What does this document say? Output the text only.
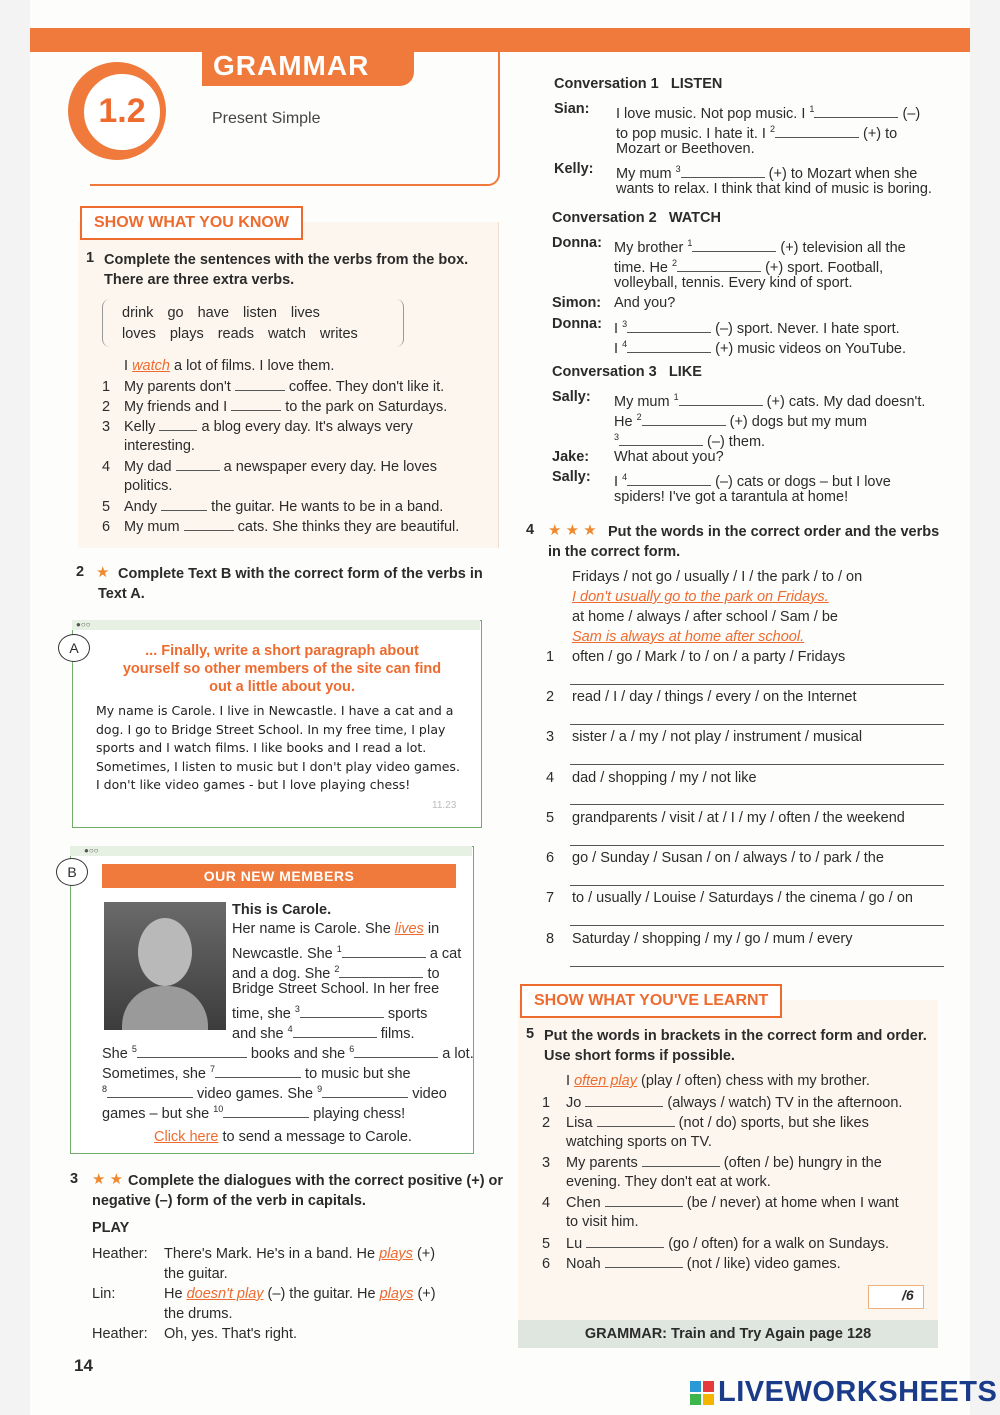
GRAMMAR
1.2	Present Simple
SHOW WHAT YOU KNOW
1 Complete the sentences with the verbs from the box. There are three extra verbs.
drink go have listen lives
loves plays reads watch writes
I watch a lot of films. I love them.
1 My parents don't	coffee. They don't like it.
2 My friends and I	to the park on Saturdays.
3 Kelly	a blog every day. It's always very
interesting.
4 My dad	a newspaper every day. He loves
politics.
5 Andy	the guitar. He wants to be in a band.
6 My mum	cats. She thinks they are beautiful.
2 ★ Complete Text B with the correct form of the verbs in Text A.
●○○
A	... Finally, write a short paragraph about yourself so other members of the site can find out a little about you.
My name is Carole. I live in Newcastle. I have a cat and a dog. I go to Bridge Street School. In my free time, I play sports and I watch films. I like books and I read a lot. Sometimes, I listen to music but I don't play video games. I don't like video games - but I love playing chess!
11.23
●○○
B	OUR NEW MEMBERS
This is Carole.
Her name is Carole. She lives in
Newcastle. She $^1$	a cat
and a dog. She $^2$	to
Bridge Street School. In her free
time, she $^3$	sports
and she $^4$	films.
She $^5$	books and she $^6$	a lot.
Sometimes, she $^7$	to music but she
$^8$	video games. She $^9$	video
games – but she $^{10}$	playing chess!
Click here to send a message to Carole.
3 ★ ★ Complete the dialogues with the correct positive (+) or negative (–) form of the verb in capitals.
PLAY
Heather: There's Mark. He's in a band. He plays (+)
the guitar.
Lin:	He doesn't play (–) the guitar. He plays (+)
the drums.
Heather: Oh, yes. That's right.
14
Conversation 1 LISTEN
Sian: I love music. Not pop music. I $^1$	(–)
to pop music. I hate it. I $^2$	(+) to
Mozart or Beethoven.
Kelly: My mum $^3$	(+) to Mozart when she
wants to relax. I think that kind of music is boring.
Conversation 2 WATCH
Donna: My brother $^1$	(+) television all the
time. He $^2$	(+) sport. Football,
volleyball, tennis. Every kind of sport.
Simon: And you?
Donna: I $^3$	(–) sport. Never. I hate sport.
I $^4$	(+) music videos on YouTube.
Conversation 3 LIKE
Sally: My mum $^1$	(+) cats. My dad doesn't.
He $^2$	(+) dogs but my mum
$^3$	(–) them.
Jake: What about you?
Sally: I $^4$	(–) cats or dogs – but I love
spiders! I've got a tarantula at home!
4 ★ ★ ★ Put the words in the correct order and the verbs in the correct form.
Fridays / not go / usually / I / the park / to / on
I don't usually go to the park on Fridays.
at home / always / after school / Sam / be
Sam is always at home after school.
1 often / go / Mark / to / on / a party / Fridays
2 read / I / day / things / every / on the Internet
3 sister / a / my / not play / instrument / musical
4 dad / shopping / my / not like
5 grandparents / visit / at / I / my / often / the weekend
6 go / Sunday / Susan / on / always / to / park / the
7 to / usually / Louise / Saturdays / the cinema / go / on
8 Saturday / shopping / my / go / mum / every
SHOW WHAT YOU'VE LEARNT
5 Put the words in brackets in the correct form and order. Use short forms if possible.
I often play (play / often) chess with my brother.
1 Jo	(always / watch) TV in the afternoon.
2 Lisa	(not / do) sports, but she likes
watching sports on TV.
3 My parents	(often / be) hungry in the
evening. They don't eat at work.
4 Chen	(be / never) at home when I want
to visit him.
5 Lu	(go / often) for a walk on Sundays.
6 Noah	(not / like) video games.
/6
GRAMMAR: Train and Try Again page 128
LIVEWORKSHEETS
